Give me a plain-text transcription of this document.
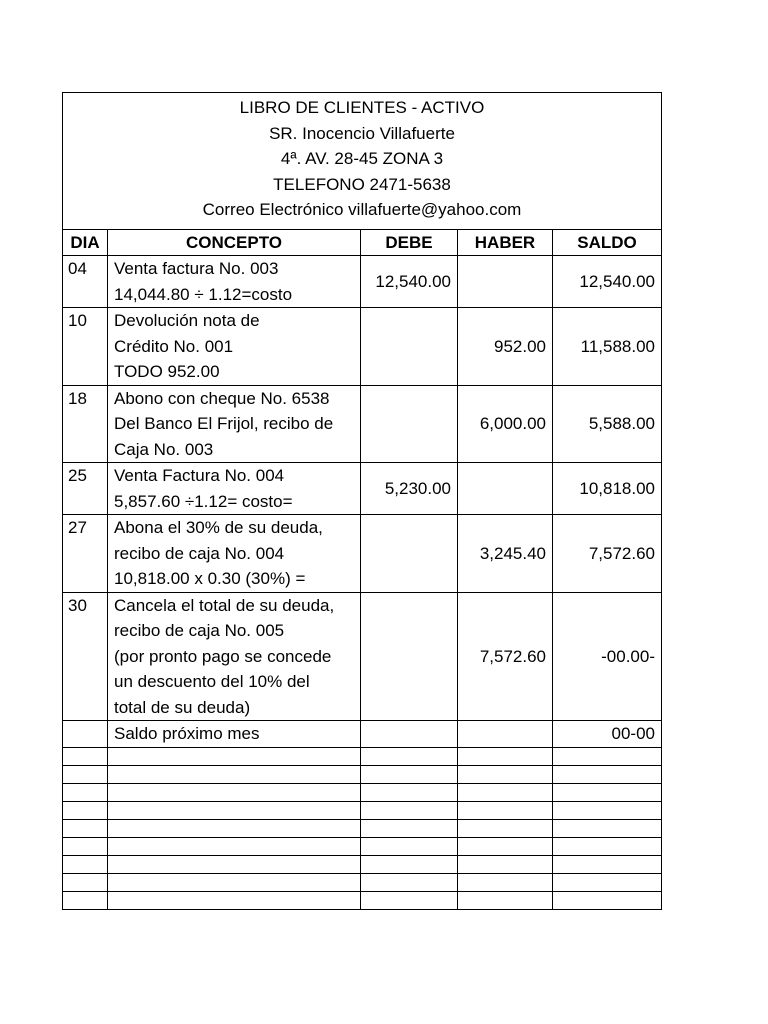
LIBRO DE CLIENTES - ACTIVO
SR. Inocencio Villafuerte
4ª. AV. 28-45 ZONA 3
TELEFONO 2471-5638
Correo Electrónico villafuerte@yahoo.com				

DIA	CONCEPTO	DEBE	HABER	SALDO
04	Venta factura No. 003
14,044.80 ÷ 1.12=costo	12,540.00		12,540.00
10	Devolución nota de
Crédito No. 001
TODO 952.00		952.00	11,588.00
18	Abono con cheque No. 6538
Del Banco El Frijol, recibo de
Caja No. 003		6,000.00	5,588.00
25	Venta Factura No. 004
5,857.60 ÷1.12= costo=	5,230.00		10,818.00
27	Abona el 30% de su deuda,
recibo de caja No. 004
10,818.00 x 0.30 (30%) =		3,245.40	7,572.60
30	Cancela el total de su deuda,
recibo de caja No. 005
(por pronto pago se concede
un descuento del 10% del
total de su deuda)		7,572.60	-00.00-

	Saldo próximo mes			00-00
